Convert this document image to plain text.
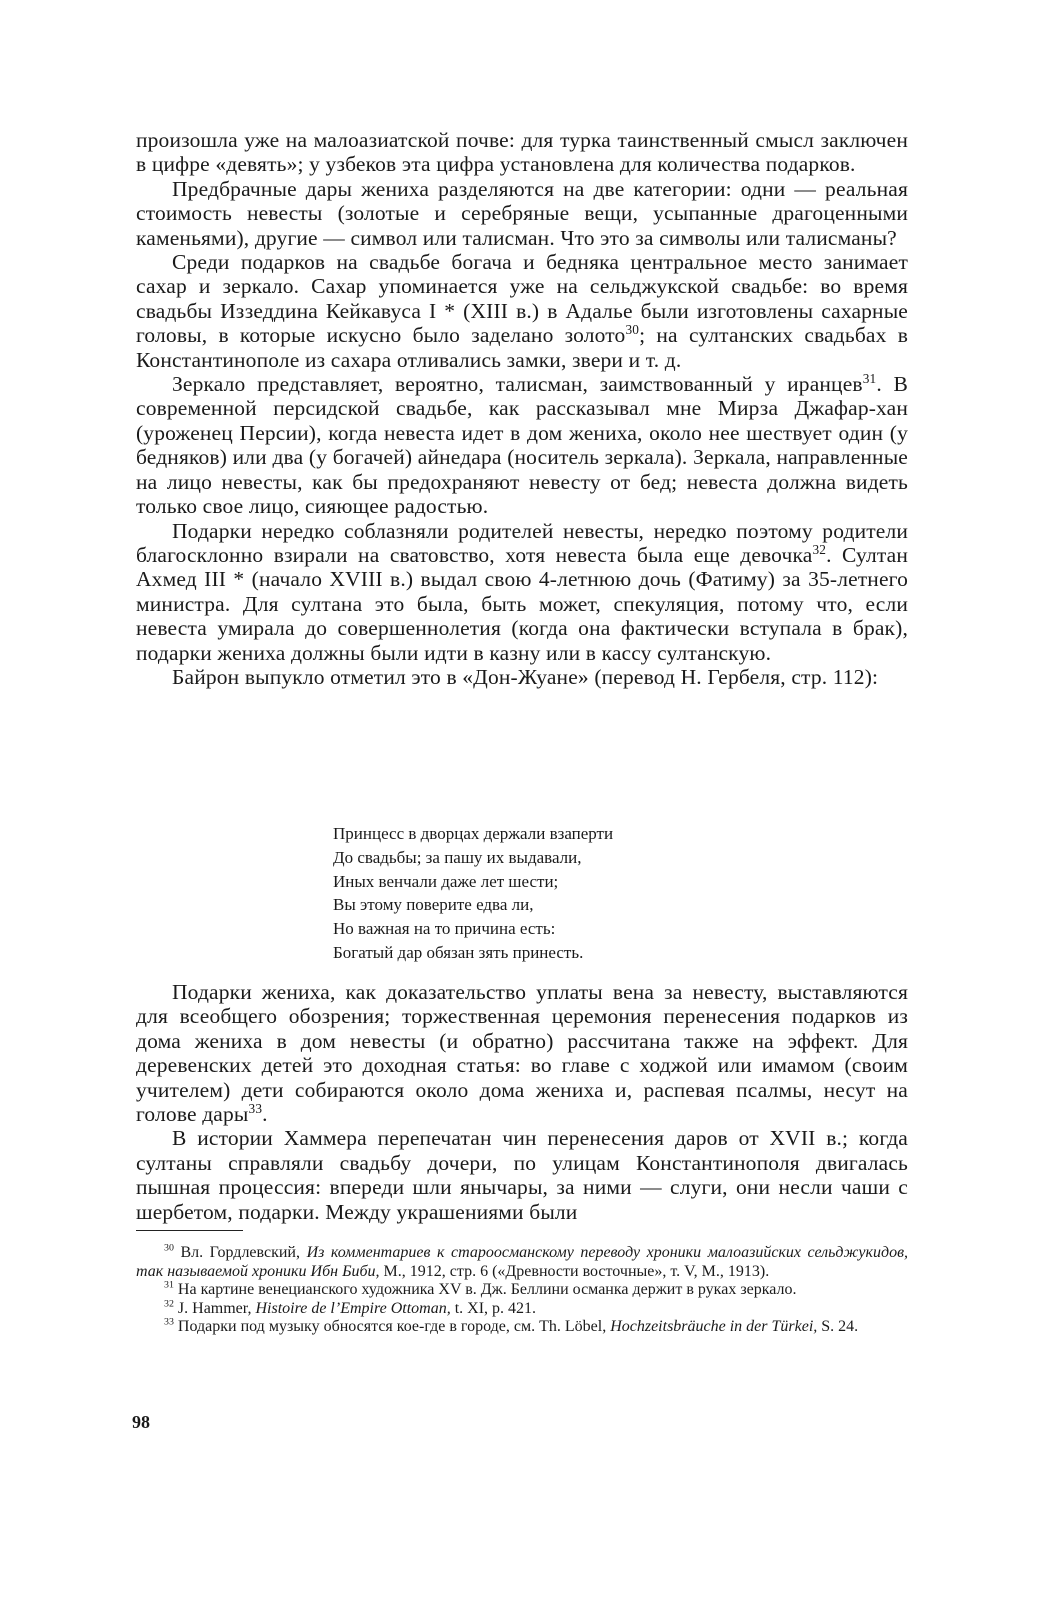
произошла уже на малоазиатской почве: для турка таинственный смысл заключен в цифре «девять»; у узбеков эта цифра установлена для количества подарков.

Предбрачные дары жениха разделяются на две категории: одни — реальная стоимость невесты (золотые и серебряные вещи, усыпанные драгоценными каменьями), другие — символ или талисман. Что это за символы или талисманы?

Среди подарков на свадьбе богача и бедняка центральное место занимает сахар и зеркало. Сахар упоминается уже на сельджукской свадьбе: во время свадьбы Иззеддина Кейкавуса I * (XIII в.) в Адалье были изготовлены сахарные головы, в которые искусно было заделано золото$^{30}$; на султанских свадьбах в Константинополе из сахара отливались замки, звери и т. д.

Зеркало представляет, вероятно, талисман, заимствованный у иранцев$^{31}$. В современной персидской свадьбе, как рассказывал мне Мирза Джафар-хан (уроженец Персии), когда невеста идет в дом жениха, около нее шествует один (у бедняков) или два (у богачей) айнедара (носитель зеркала). Зеркала, направленные на лицо невесты, как бы предохраняют невесту от бед; невеста должна видеть только свое лицо, сияющее радостью.

Подарки нередко соблазняли родителей невесты, нередко поэтому родители благосклонно взирали на сватовство, хотя невеста была еще девочка$^{32}$. Султан Ахмед III * (начало XVIII в.) выдал свою 4-летнюю дочь (Фатиму) за 35-летнего министра. Для султана это была, быть может, спекуляция, потому что, если невеста умирала до совершеннолетия (когда она фактически вступала в брак), подарки жениха должны были идти в казну или в кассу султанскую.

Байрон выпукло отметил это в «Дон-Жуане» (перевод Н. Гербеля, стр. 112):

Принцесс в дворцах держали взаперти
До свадьбы; за пашу их выдавали,
Иных венчали даже лет шести;
Вы этому поверите едва ли,
Но важная на то причина есть:
Богатый дар обязан зять принесть.

Подарки жениха, как доказательство уплаты вена за невесту, выставляются для всеобщего обозрения; торжественная церемония перенесения подарков из дома жениха в дом невесты (и обратно) рассчитана также на эффект. Для деревенских детей это доходная статья: во главе с ходжой или имамом (своим учителем) дети собираются около дома жениха и, распевая псалмы, несут на голове дары$^{33}$.

В истории Хаммера перепечатан чин перенесения даров от XVII в.; когда султаны справляли свадьбу дочери, по улицам Константинополя двигалась пышная процессия: впереди шли янычары, за ними — слуги, они несли чаши с шербетом, подарки. Между украшениями были

$^{30}$ Вл. Гордлевский, Из комментариев к староосманскому переводу хроники малоазийских сельджукидов, так называемой хроники Ибн Биби, М., 1912, стр. 6 («Древности восточные», т. V, М., 1913).

$^{31}$ На картине венецианского художника XV в. Дж. Беллини османка держит в руках зеркало.

$^{32}$ J. Hammer, Histoire de l’Empire Ottoman, t. XI, p. 421.

$^{33}$ Подарки под музыку обносятся кое-где в городе, см. Th. Löbel, Hochzeitsbräuche in der Türkei, S. 24.

98
